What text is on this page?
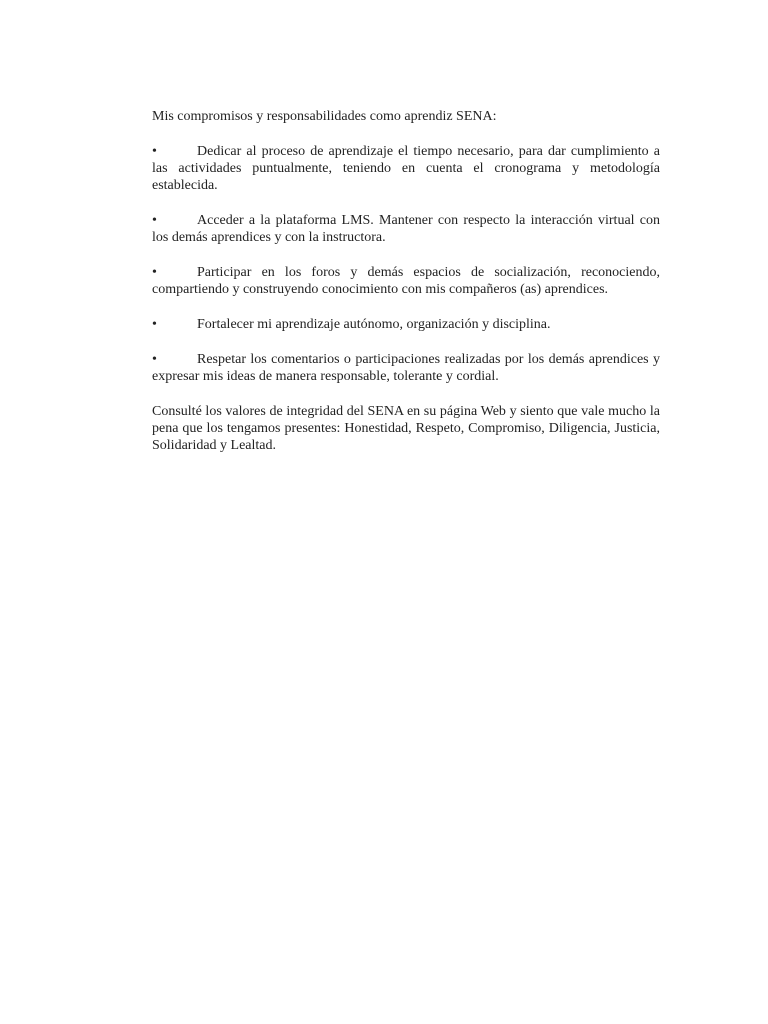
Mis compromisos y responsabilidades como aprendiz SENA:

•	Dedicar al proceso de aprendizaje el tiempo necesario, para dar cumplimiento a las actividades puntualmente, teniendo en cuenta el cronograma y metodología establecida.

•	Acceder a la plataforma LMS. Mantener con respecto la interacción virtual con los demás aprendices y con la instructora.

•	Participar en los foros y demás espacios de socialización, reconociendo, compartiendo y construyendo conocimiento con mis compañeros (as) aprendices.

•	Fortalecer mi aprendizaje autónomo, organización y disciplina.

•	Respetar los comentarios o participaciones realizadas por los demás aprendices y expresar mis ideas de manera responsable, tolerante y cordial.

Consulté los valores de integridad del SENA en su página Web y siento que vale mucho la pena que los tengamos presentes: Honestidad, Respeto, Compromiso, Diligencia, Justicia, Solidaridad y Lealtad.
